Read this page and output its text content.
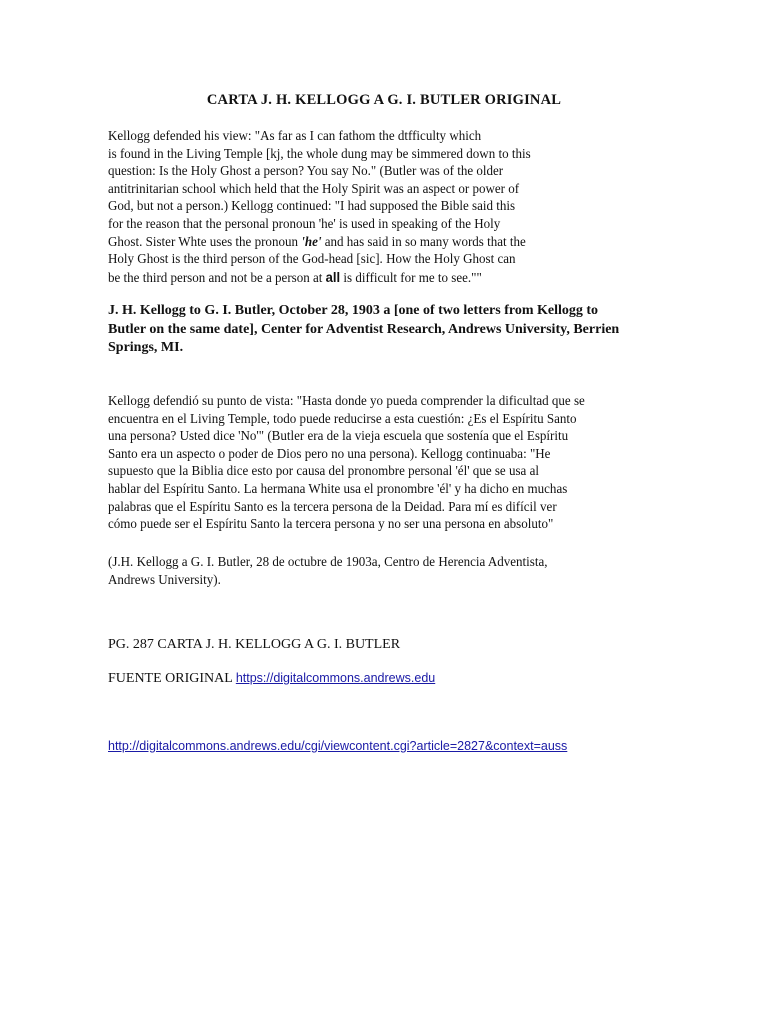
CARTA J. H. KELLOGG A G. I. BUTLER ORIGINAL
Kellogg defended his view: "As far as I can fathom the dtfficulty which
is found in the Living Temple [kj, the whole dung may be simmered down to this
question: Is the Holy Ghost a person? You say No." (Butler was of the older
antitrinitarian school which held that the Holy Spirit was an aspect or power of
God, but not a person.) Kellogg continued: "I had supposed the Bible said this
for the reason that the personal pronoun 'he' is used in speaking of the Holy
Ghost. Sister Whte uses the pronoun 'he' and has said in so many words that the
Holy Ghost is the third person of the God-head [sic]. How the Holy Ghost can
be the third person and not be a person at all is difficult for me to see.""
J. H. Kellogg to G. I. Butler, October 28, 1903 a [one of two letters from Kellogg to
Butler on the same date], Center for Adventist Research, Andrews University, Berrien
Springs, MI.
Kellogg defendió su punto de vista: "Hasta donde yo pueda comprender la dificultad que se
encuentra en el Living Temple, todo puede reducirse a esta cuestión: ¿Es el Espíritu Santo
una persona? Usted dice 'No'" (Butler era de la vieja escuela que sostenía que el Espíritu
Santo era un aspecto o poder de Dios pero no una persona). Kellogg continuaba: "He
supuesto que la Biblia dice esto por causa del pronombre personal 'él' que se usa al
hablar del Espíritu Santo. La hermana White usa el pronombre 'él' y ha dicho en muchas
palabras que el Espíritu Santo es la tercera persona de la Deidad. Para mí es difícil ver
cómo puede ser el Espíritu Santo la tercera persona y no ser una persona en absoluto"
(J.H. Kellogg a G. I. Butler, 28 de octubre de 1903a, Centro de Herencia Adventista,
Andrews University).
PG. 287 CARTA J. H. KELLOGG A G. I. BUTLER
FUENTE ORIGINAL https://digitalcommons.andrews.edu
http://digitalcommons.andrews.edu/cgi/viewcontent.cgi?article=2827&context=auss
